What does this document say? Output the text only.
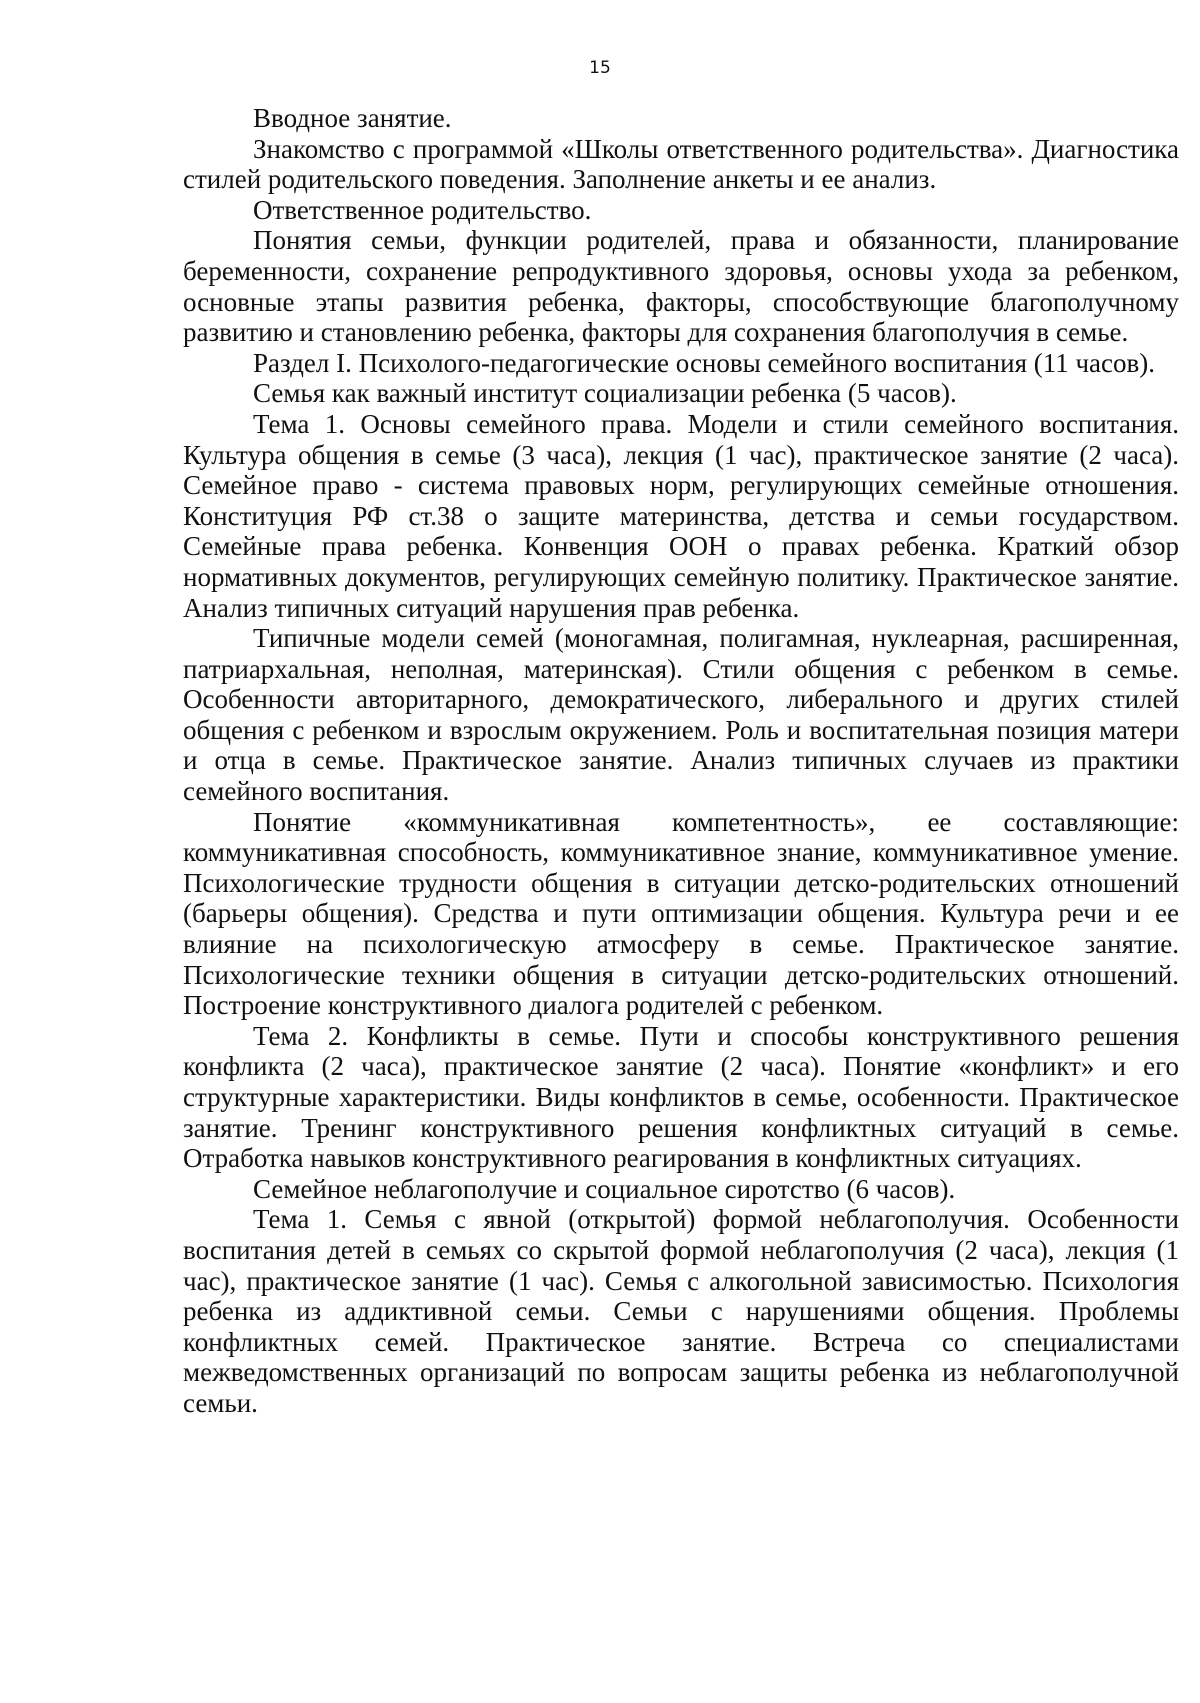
15

Вводное занятие.

Знакомство с программой «Школы ответственного родительства». Диагностика стилей родительского поведения. Заполнение анкеты и ее анализ.

Ответственное родительство.

Понятия семьи, функции родителей, права и обязанности, планирование беременности, сохранение репродуктивного здоровья, основы ухода за ребенком, основные этапы развития ребенка, факторы, способствующие благополучному развитию и становлению ребенка, факторы для сохранения благополучия в семье.

Раздел I. Психолого-педагогические основы семейного воспитания (11 часов).

Семья как важный институт социализации ребенка (5 часов).

Тема 1. Основы семейного права. Модели и стили семейного воспитания. Культура общения в семье (3 часа), лекция (1 час), практическое занятие (2 часа). Семейное право - система правовых норм, регулирующих семейные отношения. Конституция РФ ст.38 о защите материнства, детства и семьи государством. Семейные права ребенка. Конвенция ООН о правах ребенка. Краткий обзор нормативных документов, регулирующих семейную политику. Практическое занятие. Анализ типичных ситуаций нарушения прав ребенка.

Типичные модели семей (моногамная, полигамная, нуклеарная, расширенная, патриархальная, неполная, материнская). Стили общения с ребенком в семье. Особенности авторитарного, демократического, либерального и других стилей общения с ребенком и взрослым окружением. Роль и воспитательная позиция матери и отца в семье. Практическое занятие. Анализ типичных случаев из практики семейного воспитания.

Понятие «коммуникативная компетентность», ее составляющие: коммуникативная способность, коммуникативное знание, коммуникативное умение. Психологические трудности общения в ситуации детско-родительских отношений (барьеры общения). Средства и пути оптимизации общения. Культура речи и ее влияние на психологическую атмосферу в семье. Практическое занятие. Психологические техники общения в ситуации детско-родительских отношений. Построение конструктивного диалога родителей с ребенком.

Тема 2. Конфликты в семье. Пути и способы конструктивного решения конфликта (2 часа), практическое занятие (2 часа). Понятие «конфликт» и его структурные характеристики. Виды конфликтов в семье, особенности. Практическое занятие. Тренинг конструктивного решения конфликтных ситуаций в семье. Отработка навыков конструктивного реагирования в конфликтных ситуациях.

Семейное неблагополучие и социальное сиротство (6 часов).

Тема 1. Семья с явной (открытой) формой неблагополучия. Особенности воспитания детей в семьях со скрытой формой неблагополучия (2 часа), лекция (1 час), практическое занятие (1 час). Семья с алкогольной зависимостью. Психология ребенка из аддиктивной семьи. Семьи с нарушениями общения. Проблемы конфликтных семей. Практическое занятие. Встреча со специалистами межведомственных организаций по вопросам защиты ребенка из неблагополучной семьи.
